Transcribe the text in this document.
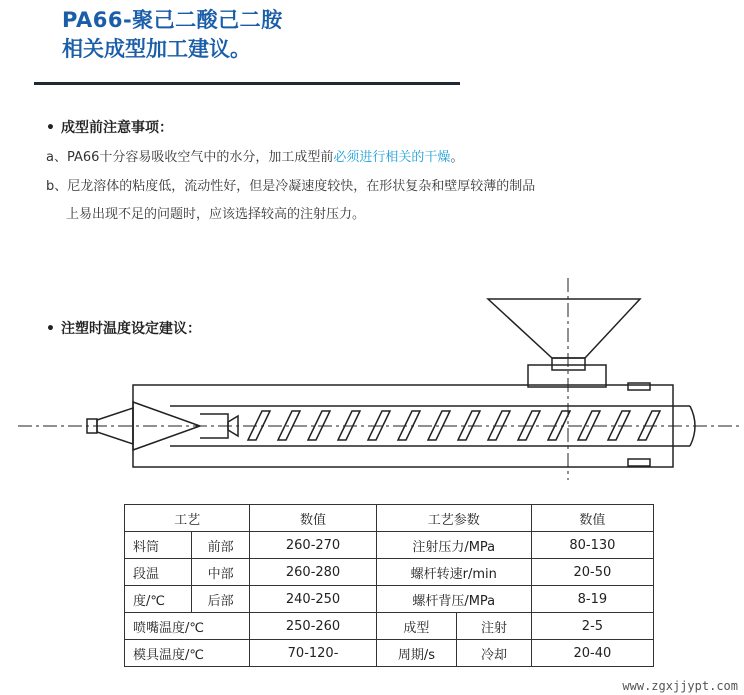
PA66-聚己二酸己二胺
相关成型加工建议。
• 成型前注意事项：
a、PA66十分容易吸收空气中的水分，加工成型前必须进行相关的干燥。
b、尼龙溶体的粘度低，流动性好，但是冷凝速度较快，在形状复杂和壁厚较薄的制品
上易出现不足的问题时，应该选择较高的注射压力。
• 注塑时温度设定建议：
工艺		数值	工艺参数		数值
料筒	前部	260-270	注射压力/MPa		80-130
段温	中部	260-280	螺杆转速r/min		20-50
度/℃	后部	240-250	螺杆背压/MPa		8-19
喷嘴温度/℃		250-260	成型	注射	2-5
模具温度/℃		70-120-	周期/s	冷却	20-40
www.zgxjjypt.com
